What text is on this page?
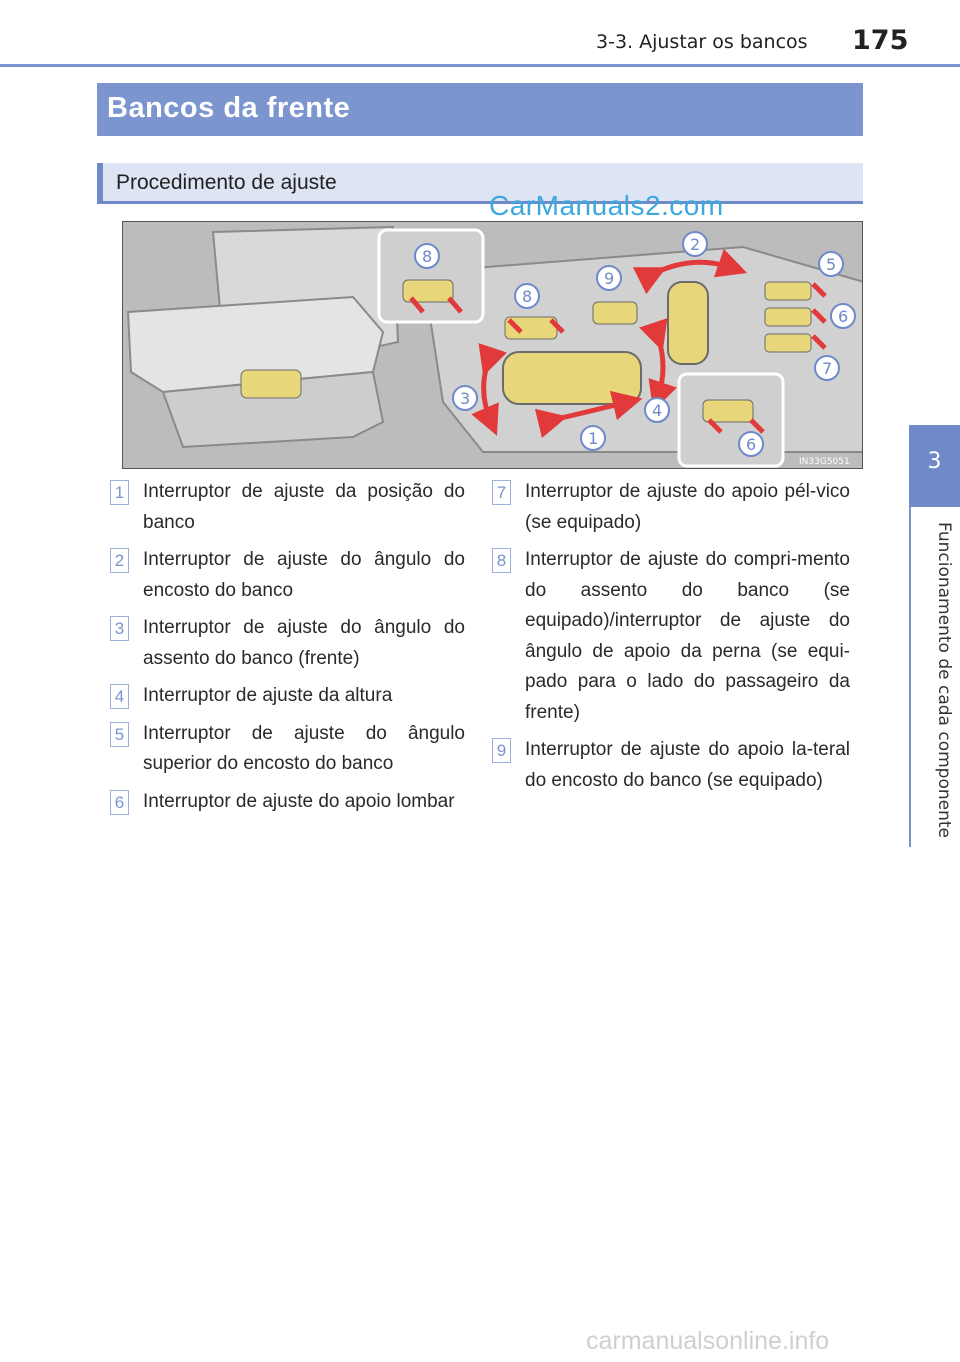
3-3. Ajustar os bancos 175
3
Funcionamento de cada componente
Bancos da frente
Procedimento de ajuste
CarManuals2.com
8
2
9
8
5
6
7
3
4
1	6
IN33G5051
1 Interruptor de ajuste da posição do banco
2 Interruptor de ajuste do ângulo do encosto do banco
3 Interruptor de ajuste do ângulo do assento do banco (frente)
4 Interruptor de ajuste da altura
5 Interruptor de ajuste do ângulo superior do encosto do banco
6 Interruptor de ajuste do apoio lombar
7 Interruptor de ajuste do apoio pél-vico (se equipado)
8 Interruptor de ajuste do compri-mento do assento do banco (se equipado)/interruptor de ajuste do ângulo de apoio da perna (se equi-pado para o lado do passageiro da frente)
9 Interruptor de ajuste do apoio la-teral do encosto do banco (se equipado)
carmanualsonline.info
